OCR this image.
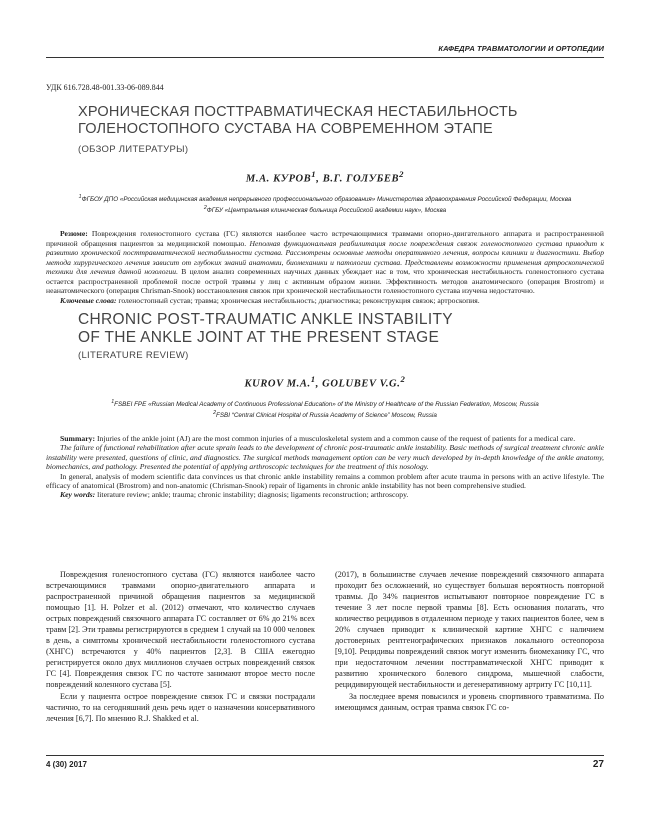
КАФЕДРА ТРАВМАТОЛОГИИ И ОРТОПЕДИИ
УДК 616.728.48-001.33-06-089.844
ХРОНИЧЕСКАЯ ПОСТТРАВМАТИЧЕСКАЯ НЕСТАБИЛЬНОСТЬ
ГОЛЕНОСТОПНОГО СУСТАВА НА СОВРЕМЕННОМ ЭТАПЕ
(ОБЗОР ЛИТЕРАТУРЫ)
М.А. КУРОВ$^1$, В.Г. ГОЛУБЕВ$^2$
$^1$ФГБОУ ДПО «Российская медицинская академия непрерывного профессионального образования» Министерства здравоохранения Российской Федерации, Москва
$^2$ФГБУ «Центральная клиническая больница Российской академии наук», Москва

Резюме: Повреждения голеностопного сустава (ГС) являются наиболее часто встречающимися травмами опорно-двигательного аппарата и распространенной причиной обращения пациентов за медицинской помощью. Неполная функциональная реабилитация после повреждения связок голеностопного сустава приводит к развитию хронической посттравматической нестабильности сустава. Рассмотрены основные методы оперативного лечения, вопросы клиники и диагностики. Выбор метода хирургического лечения зависит от глубоких знаний анатомии, биомеханики и патологии сустава. Представлены возможности применения артроскопической техники для лечения данной нозологии. В целом анализ современных научных данных убеждает нас в том, что хроническая нестабильность голеностопного сустава остается распространенной проблемой после острой травмы у лиц с активным образом жизни. Эффективность методов анатомического (операция Brostrom) и неанатомического (операция Chrisman-Snook) восстановления связок при хронической нестабильности голеностопного сустава изучена недостаточно.

Ключевые слова: голеностопный сустав; травма; хроническая нестабильность; диагностика; реконструкция связок; артроскопия.

CHRONIC POST-TRAUMATIC ANKLE INSTABILITY
OF THE ANKLE JOINT AT THE PRESENT STAGE
(LITERATURE REVIEW)
KUROV M.A.$^1$, GOLUBEV V.G.$^2$
$^1$FSBEI FPE «Russian Medical Academy of Continuous Professional Education» of the Ministry of Healthcare of the Russian Federation, Moscow, Russia
$^2$FSBI “Central Clinical Hospital of Russia Academy of Science” Moscow, Russia

Summary: Injuries of the ankle joint (AJ) are the most common injuries of a musculoskeletal system and a common cause of the request of patients for a medical care.

The failure of functional rehabilitation after acute sprain leads to the development of chronic post-traumatic ankle instability. Basic methods of surgical treatment chronic ankle instability were presented, questions of clinic, and diagnostics. The surgical methods management option can be very much developed by in-depth knowledge of the ankle anatomy, biomechanics, and pathology. Presented the potential of applying arthroscopic techniques for the treatment of this nosology.

In general, analysis of modern scientific data convinces us that chronic ankle instability remains a common problem after acute trauma in persons with an active lifestyle. The efficacy of anatomical (Brostrom) and non-anatomic (Chrisman-Snook) repair of ligaments in chronic ankle instability has not been comprehensive studied.

Key words: literature review; ankle; trauma; chronic instability; diagnosis; ligaments reconstruction; arthroscopy.

Повреждения голеностопного сустава (ГС) являются наиболее часто встречающимися травмами опорно-двигательного аппарата и распространенной причиной обращения пациентов за медицинской помощью [1]. H. Polzer et al. (2012) отмечают, что количество случаев острых повреждений связочного аппарата ГС составляет от 6% до 21% всех травм [2]. Эти травмы регистрируются в среднем 1 случай на 10 000 человек в день, а симптомы хронической нестабильности голеностопного сустава (ХНГС) встречаются у 40% пациентов [2,3]. В США ежегодно регистрируется около двух миллионов случаев острых повреждений связок ГС [4]. Повреждения связок ГС по частоте занимают второе место после повреждений коленного сустава [5].

Если у пациента острое повреждение связок ГС и связки пострадали частично, то на сегодняшний день речь идет о назначении консервативного лечения [6,7]. По мнению R.J. Shakked et al.

(2017), в большинстве случаев лечение повреждений связочного аппарата проходит без осложнений, но существует большая вероятность повторной травмы. До 34% пациентов испытывают повторное повреждение ГС в течение 3 лет после первой травмы [8]. Есть основания полагать, что количество рецидивов в отдаленном периоде у таких пациентов более, чем в 20% случаев приводит к клинической картине ХНГС с наличием достоверных рентгенографических признаков локального остеопороза [9,10]. Рецидивы повреждений связок могут изменить биомеханику ГС, что при недостаточном лечении посттравматической ХНГС приводит к развитию хронического болевого синдрома, мышечной слабости, рецидивирующей нестабильности и дегенеративному артриту ГС [10,11].

За последнее время повысился и уровень спортивного травматизма. По имеющимся данным, острая травма связок ГС со-

4 (30) 2017	27
